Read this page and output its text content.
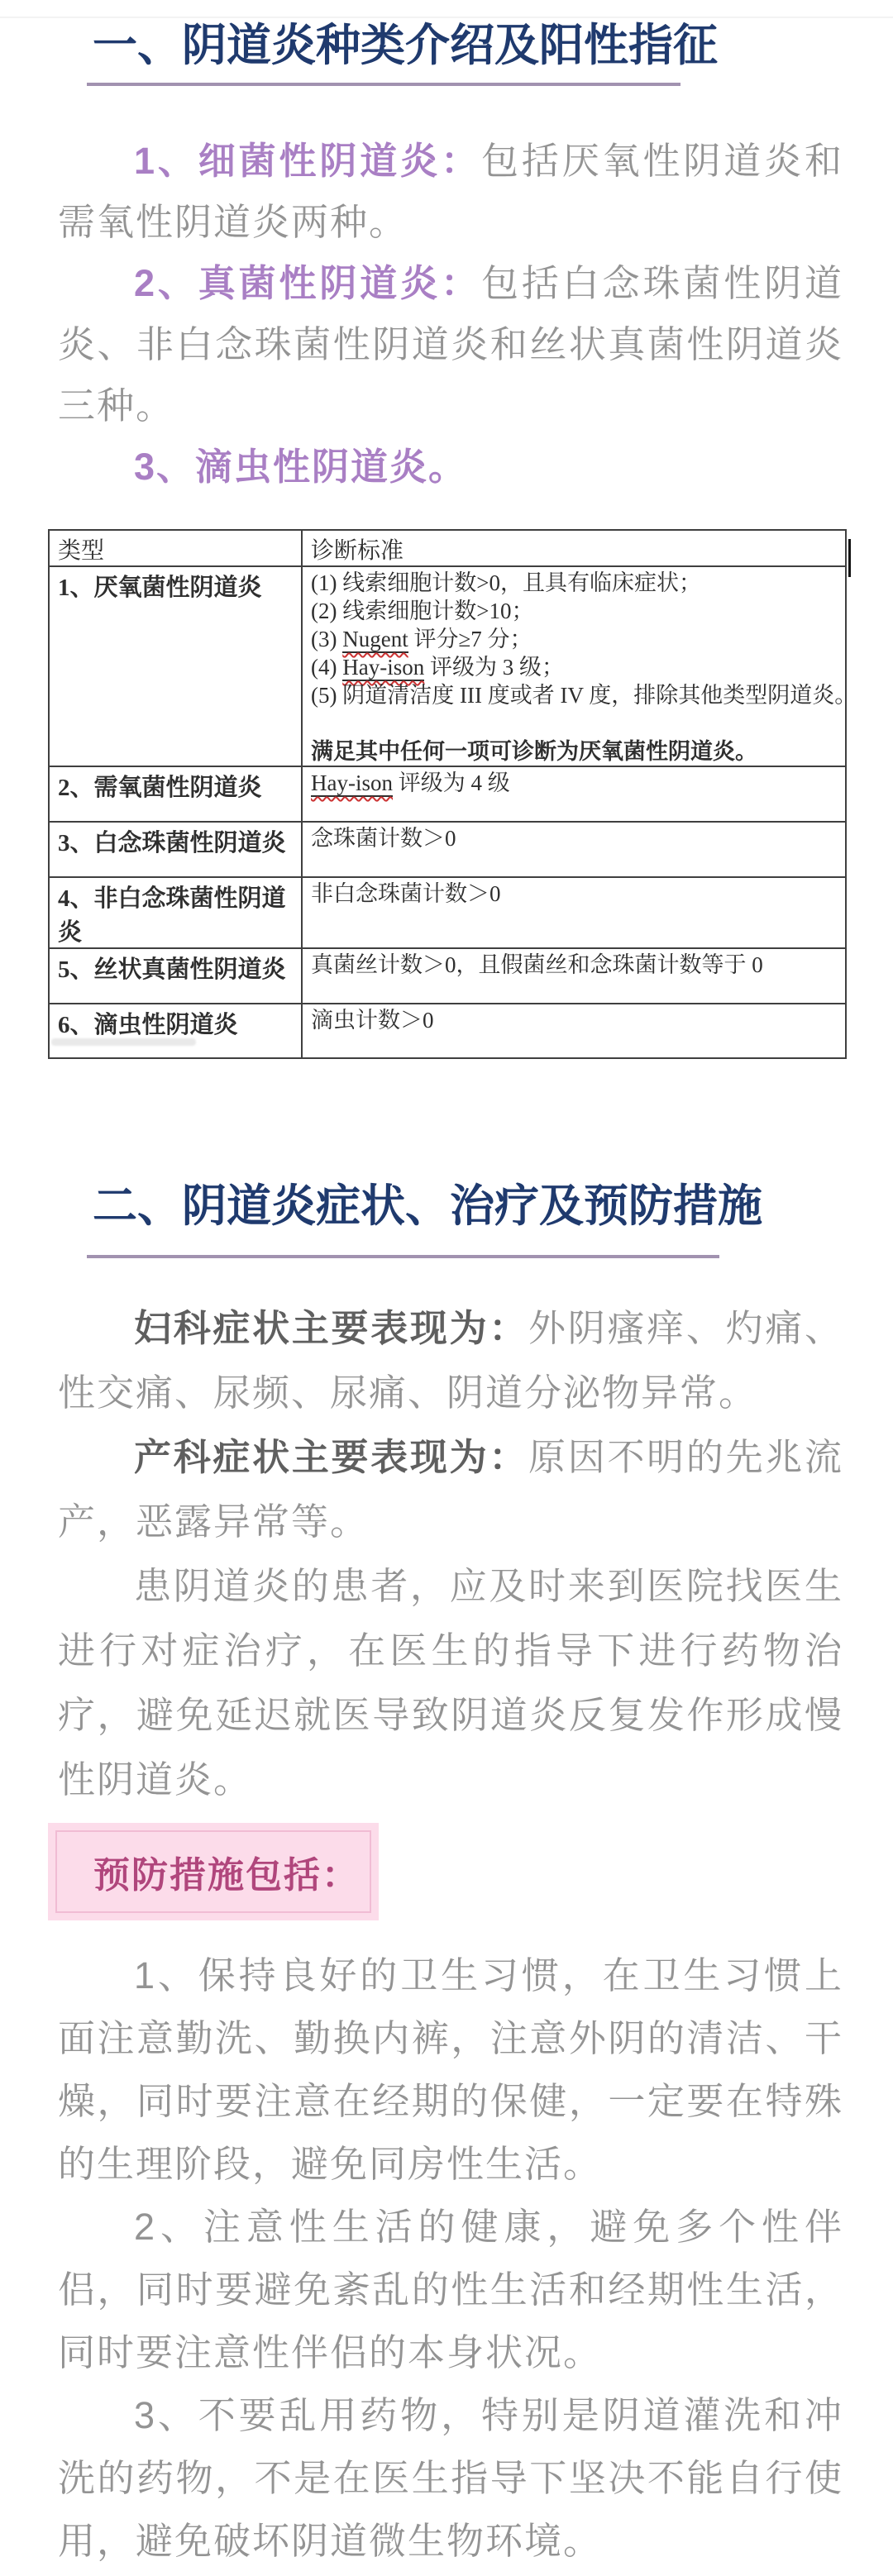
一、阴道炎种类介绍及阳性指征

1、细菌性阴道炎：包括厌氧性阴道炎和需氧性阴道炎两种。

2、真菌性阴道炎：包括白念珠菌性阴道炎、非白念珠菌性阴道炎和丝状真菌性阴道炎三种。

3、滴虫性阴道炎。

类型	诊断标准
1、厌氧菌性阴道炎	(1) 线索细胞计数>0，且具有临床症状；
(2) 线索细胞计数>10；
(3) Nugent 评分≥7 分；
(4) Hay-ison 评级为 3 级；
(5) 阴道清洁度 III 度或者 IV 度，排除其他类型阴道炎。
满足其中任何一项可诊断为厌氧菌性阴道炎。

2、需氧菌性阴道炎	Hay-ison 评级为 4 级
3、白念珠菌性阴道炎	念珠菌计数＞0
4、非白念珠菌性阴道炎	非白念珠菌计数＞0
5、丝状真菌性阴道炎	真菌丝计数＞0，且假菌丝和念珠菌计数等于 0
6、滴虫性阴道炎	滴虫计数＞0
二、阴道炎症状、治疗及预防措施

妇科症状主要表现为：外阴瘙痒、灼痛、性交痛、尿频、尿痛、阴道分泌物异常。

产科症状主要表现为：原因不明的先兆流产，恶露异常等。

患阴道炎的患者，应及时来到医院找医生进行对症治疗，在医生的指导下进行药物治疗，避免延迟就医导致阴道炎反复发作形成慢性阴道炎。

预防措施包括：

1、保持良好的卫生习惯，在卫生习惯上面注意勤洗、勤换内裤，注意外阴的清洁、干燥，同时要注意在经期的保健，一定要在特殊的生理阶段，避免同房性生活。

2、注意性生活的健康，避免多个性伴侣，同时要避免紊乱的性生活和经期性生活，同时要注意性伴侣的本身状况。

3、不要乱用药物，特别是阴道灌洗和冲洗的药物，不是在医生指导下坚决不能自行使用，避免破坏阴道微生物环境。
